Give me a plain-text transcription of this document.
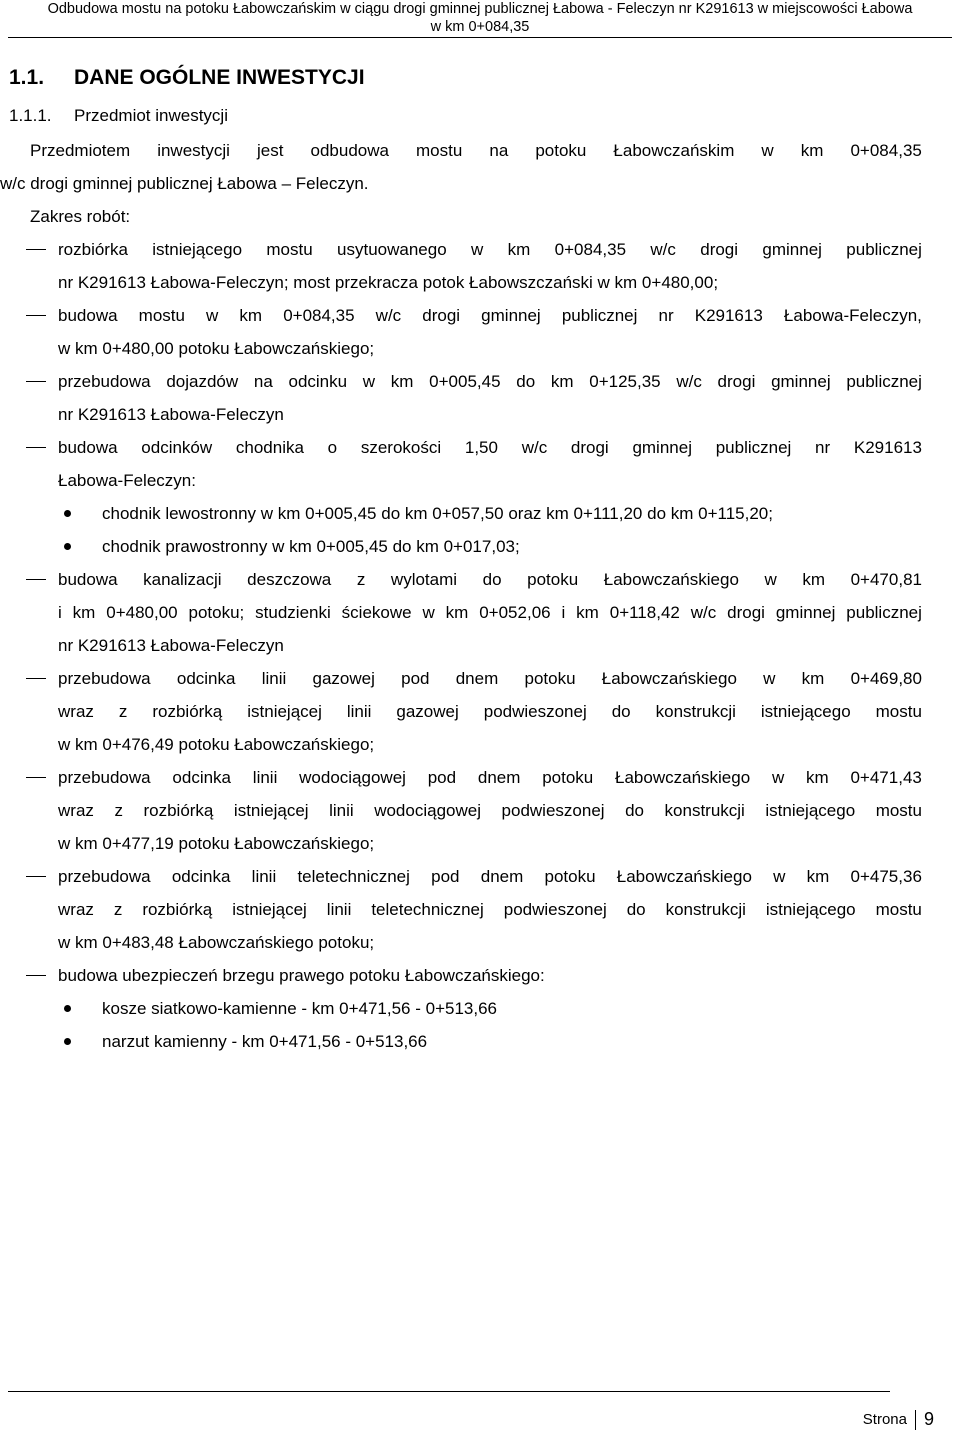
Odbudowa mostu na potoku Łabowczańskim w ciągu drogi gminnej publicznej Łabowa - Feleczyn nr K291613 w miejscowości Łabowa
w km 0+084,35
1.1. DANE OGÓLNE INWESTYCJI
1.1.1. Przedmiot inwestycji
Przedmiotem inwestycji jest odbudowa mostu na potoku Łabowczańskim w km 0+084,35
w/c drogi gminnej publicznej Łabowa – Feleczyn.
Zakres robót:
rozbiórka istniejącego mostu usytuowanego w km 0+084,35 w/c drogi gminnej publicznej
nr K291613 Łabowa-Feleczyn; most przekracza potok Łabowszczański w km 0+480,00;
budowa mostu w km 0+084,35 w/c drogi gminnej publicznej nr K291613 Łabowa-Feleczyn,
w km 0+480,00 potoku Łabowczańskiego;
przebudowa dojazdów na odcinku w km 0+005,45 do km 0+125,35 w/c drogi gminnej publicznej
nr K291613 Łabowa-Feleczyn
budowa odcinków chodnika o szerokości 1,50 w/c drogi gminnej publicznej nr K291613
Łabowa-Feleczyn:
chodnik lewostronny w km 0+005,45 do km 0+057,50 oraz km 0+111,20 do km 0+115,20;
chodnik prawostronny w km 0+005,45 do km 0+017,03;
budowa kanalizacji deszczowa z wylotami do potoku Łabowczańskiego w km 0+470,81
i km 0+480,00 potoku; studzienki ściekowe w km 0+052,06 i km 0+118,42 w/c drogi gminnej publicznej
nr K291613 Łabowa-Feleczyn
przebudowa odcinka linii gazowej pod dnem potoku Łabowczańskiego w km 0+469,80
wraz z rozbiórką istniejącej linii gazowej podwieszonej do konstrukcji istniejącego mostu
w km 0+476,49 potoku Łabowczańskiego;
przebudowa odcinka linii wodociągowej pod dnem potoku Łabowczańskiego w km 0+471,43
wraz z rozbiórką istniejącej linii wodociągowej podwieszonej do konstrukcji istniejącego mostu
w km 0+477,19 potoku Łabowczańskiego;
przebudowa odcinka linii teletechnicznej pod dnem potoku Łabowczańskiego w km 0+475,36
wraz z rozbiórką istniejącej linii teletechnicznej podwieszonej do konstrukcji istniejącego mostu
w km 0+483,48 Łabowczańskiego potoku;
budowa ubezpieczeń brzegu prawego potoku Łabowczańskiego:
kosze siatkowo-kamienne - km 0+471,56 - 0+513,66
narzut kamienny - km 0+471,56 - 0+513,66
Strona 9
